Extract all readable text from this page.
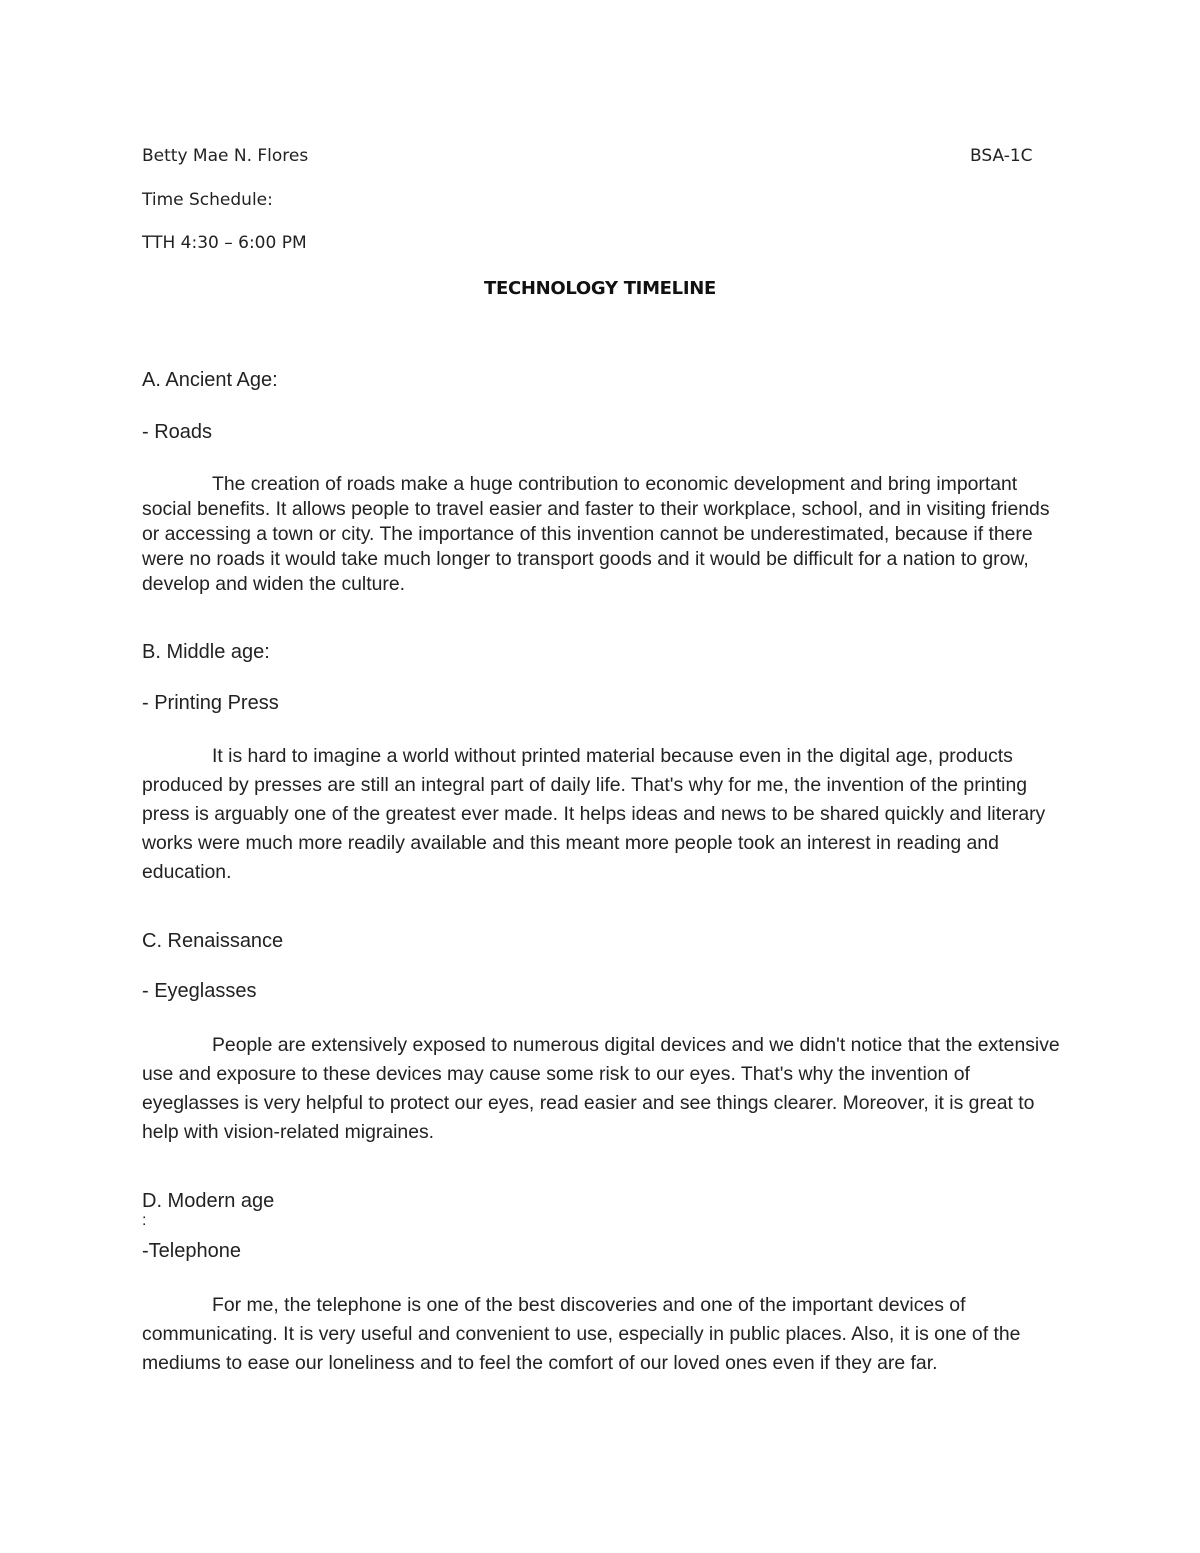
Betty Mae N. Flores	BSA-1C
Time Schedule:
TTH 4:30 – 6:00 PM
TECHNOLOGY TIMELINE
A. Ancient Age:
- Roads
The creation of roads make a huge contribution to economic development and bring important social benefits. It allows people to travel easier and faster to their workplace, school, and in visiting friends or accessing a town or city. The importance of this invention cannot be underestimated, because if there were no roads it would take much longer to transport goods and it would be difficult for a nation to grow, develop and widen the culture.
B. Middle age:
- Printing Press
It is hard to imagine a world without printed material because even in the digital age, products produced by presses are still an integral part of daily life. That's why for me, the invention of the printing press is arguably one of the greatest ever made. It helps ideas and news to be shared quickly and literary works were much more readily available and this meant more people took an interest in reading and education.
C. Renaissance
- Eyeglasses
People are extensively exposed to numerous digital devices and we didn't notice that the extensive use and exposure to these devices may cause some risk to our eyes. That's why the invention of eyeglasses is very helpful to protect our eyes, read easier and see things clearer. Moreover, it is great to help with vision-related migraines.
D. Modern age
:
-Telephone
For me, the telephone is one of the best discoveries and one of the important devices of communicating. It is very useful and convenient to use, especially in public places. Also, it is one of the mediums to ease our loneliness and to feel the comfort of our loved ones even if they are far.
